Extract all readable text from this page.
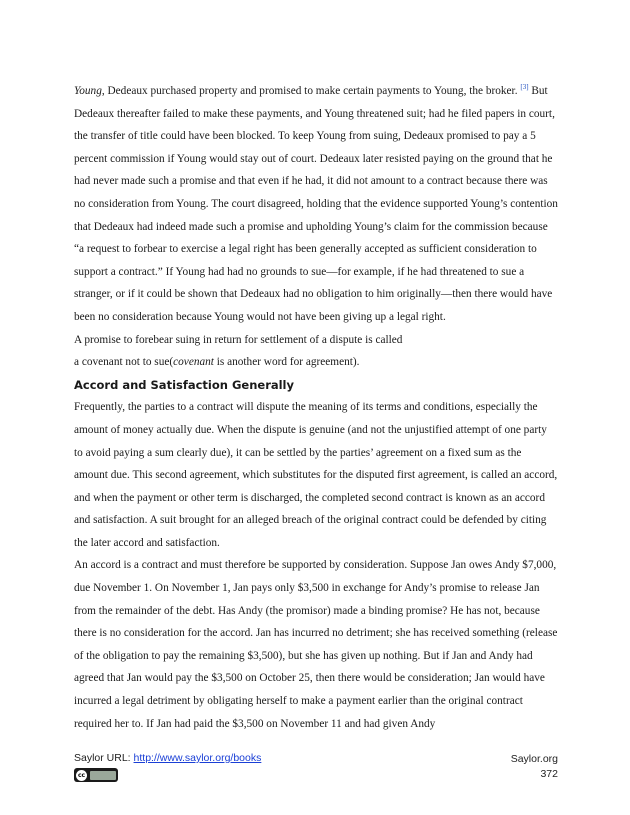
Young, Dedeaux purchased property and promised to make certain payments to Young, the broker. [3] But Dedeaux thereafter failed to make these payments, and Young threatened suit; had he filed papers in court, the transfer of title could have been blocked. To keep Young from suing, Dedeaux promised to pay a 5 percent commission if Young would stay out of court. Dedeaux later resisted paying on the ground that he had never made such a promise and that even if he had, it did not amount to a contract because there was no consideration from Young. The court disagreed, holding that the evidence supported Young’s contention that Dedeaux had indeed made such a promise and upholding Young’s claim for the commission because “a request to forbear to exercise a legal right has been generally accepted as sufficient consideration to support a contract.” If Young had had no grounds to sue—for example, if he had threatened to sue a stranger, or if it could be shown that Dedeaux had no obligation to him originally—then there would have been no consideration because Young would not have been giving up a legal right.

A promise to forebear suing in return for settlement of a dispute is called
a covenant not to sue(covenant is another word for agreement).

Accord and Satisfaction Generally

Frequently, the parties to a contract will dispute the meaning of its terms and conditions, especially the amount of money actually due. When the dispute is genuine (and not the unjustified attempt of one party to avoid paying a sum clearly due), it can be settled by the parties’ agreement on a fixed sum as the amount due. This second agreement, which substitutes for the disputed first agreement, is called an accord, and when the payment or other term is discharged, the completed second contract is known as an accord and satisfaction. A suit brought for an alleged breach of the original contract could be defended by citing the later accord and satisfaction.

An accord is a contract and must therefore be supported by consideration. Suppose Jan owes Andy $7,000, due November 1. On November 1, Jan pays only $3,500 in exchange for Andy’s promise to release Jan from the remainder of the debt. Has Andy (the promisor) made a binding promise? He has not, because there is no consideration for the accord. Jan has incurred no detriment; she has received something (release of the obligation to pay the remaining $3,500), but she has given up nothing. But if Jan and Andy had agreed that Jan would pay the $3,500 on October 25, then there would be consideration; Jan would have incurred a legal detriment by obligating herself to make a payment earlier than the original contract required her to. If Jan had paid the $3,500 on November 11 and had given Andy

Saylor URL: http://www.saylor.org/books
cc
Saylor.org
372
